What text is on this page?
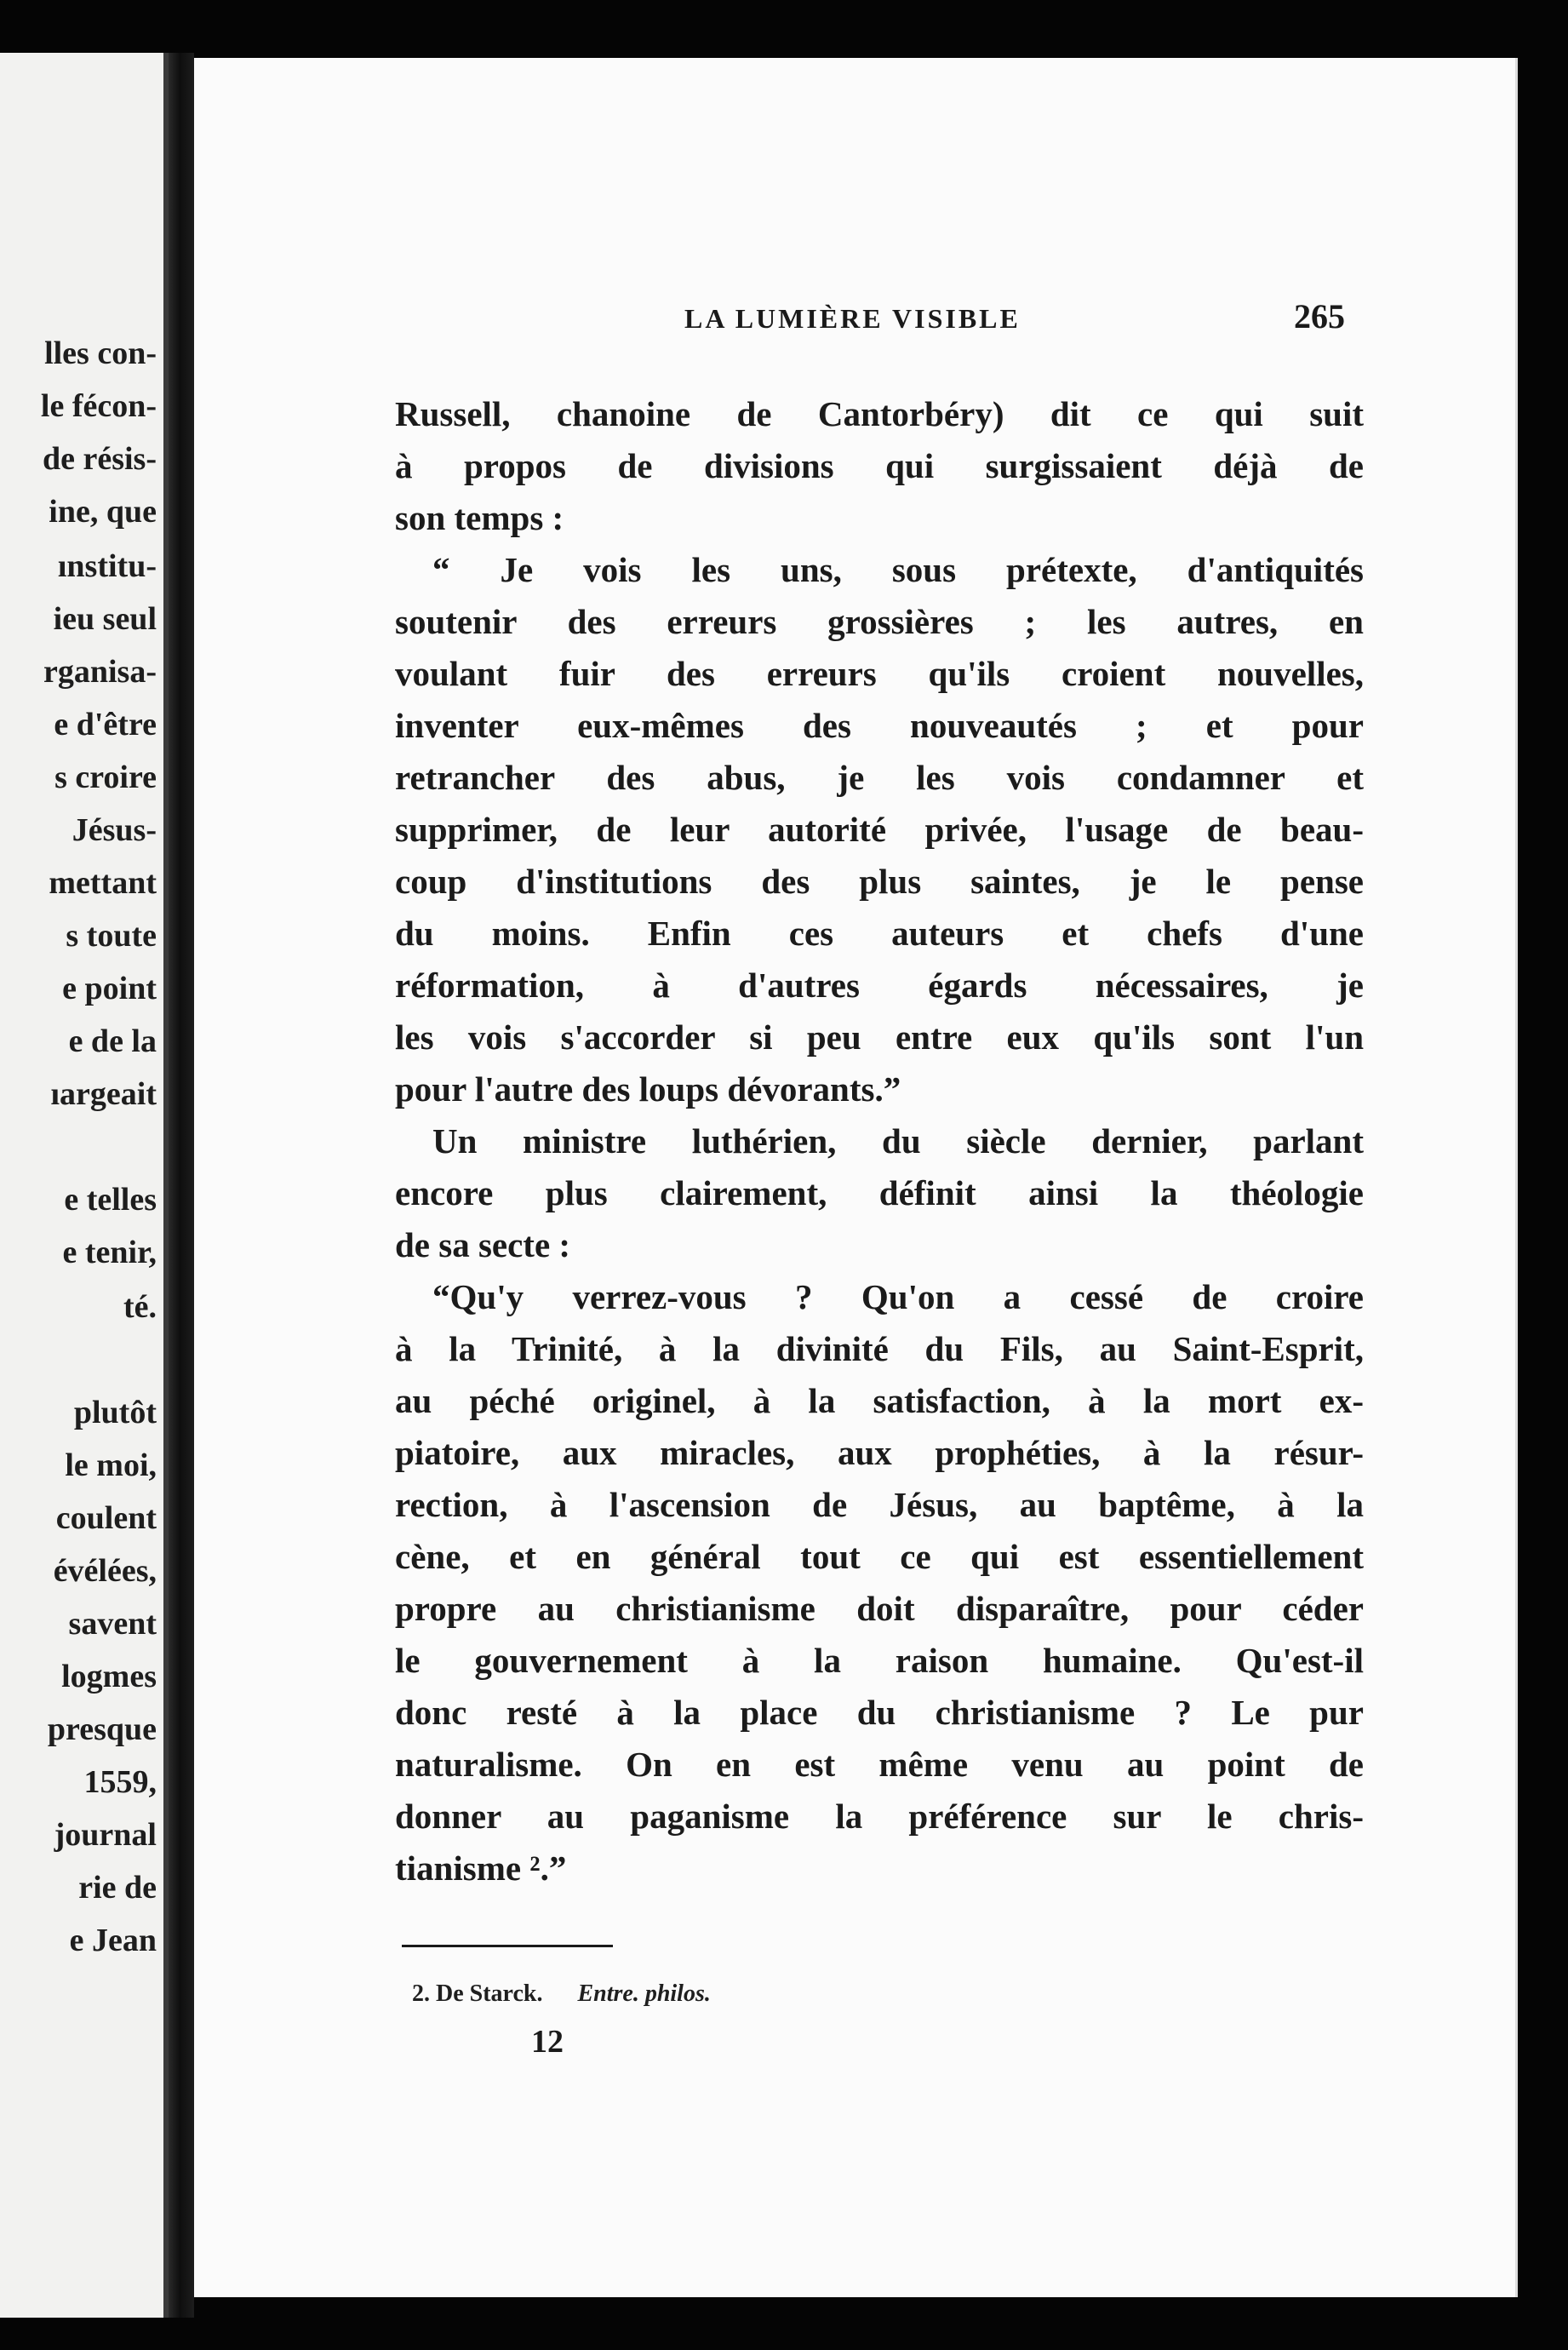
lles con-
le fécon-
de résis-
ine, que
ınstitu-
ieu seul
rganisa-
e d'être
s croire
Jésus-
mettant
s toute
e point
e de la
ıargeait
e telles
e tenir,
té.
plutôt
le moi,
coulent
évélées,
savent
logmes
presque
1559,
journal
rie de
e Jean
LA LUMIÈRE VISIBLE	265
Russell, chanoine de Cantorbéry) dit ce qui suit
à propos de divisions qui surgissaient déjà de
son temps :
“ Je vois les uns, sous prétexte, d'antiquités
soutenir des erreurs grossières ; les autres, en
voulant fuir des erreurs qu'ils croient nouvelles,
inventer eux-mêmes des nouveautés ; et pour
retrancher des abus, je les vois condamner et
supprimer, de leur autorité privée, l'usage de beau-
coup d'institutions des plus saintes, je le pense
du moins. Enfin ces auteurs et chefs d'une
réformation, à d'autres égards nécessaires, je
les vois s'accorder si peu entre eux qu'ils sont l'un
pour l'autre des loups dévorants.”
Un ministre luthérien, du siècle dernier, parlant
encore plus clairement, définit ainsi la théologie
de sa secte :
“Qu'y verrez-vous ? Qu'on a cessé de croire
à la Trinité, à la divinité du Fils, au Saint-Esprit,
au péché originel, à la satisfaction, à la mort ex-
piatoire, aux miracles, aux prophéties, à la résur-
rection, à l'ascension de Jésus, au baptême, à la
cène, et en général tout ce qui est essentiellement
propre au christianisme doit disparaître, pour céder
le gouvernement à la raison humaine. Qu'est-il
donc resté à la place du christianisme ? Le pur
naturalisme. On en est même venu au point de
donner au paganisme la préférence sur le chris-
tianisme ².”
2. De Starck. Entre. philos.
12
